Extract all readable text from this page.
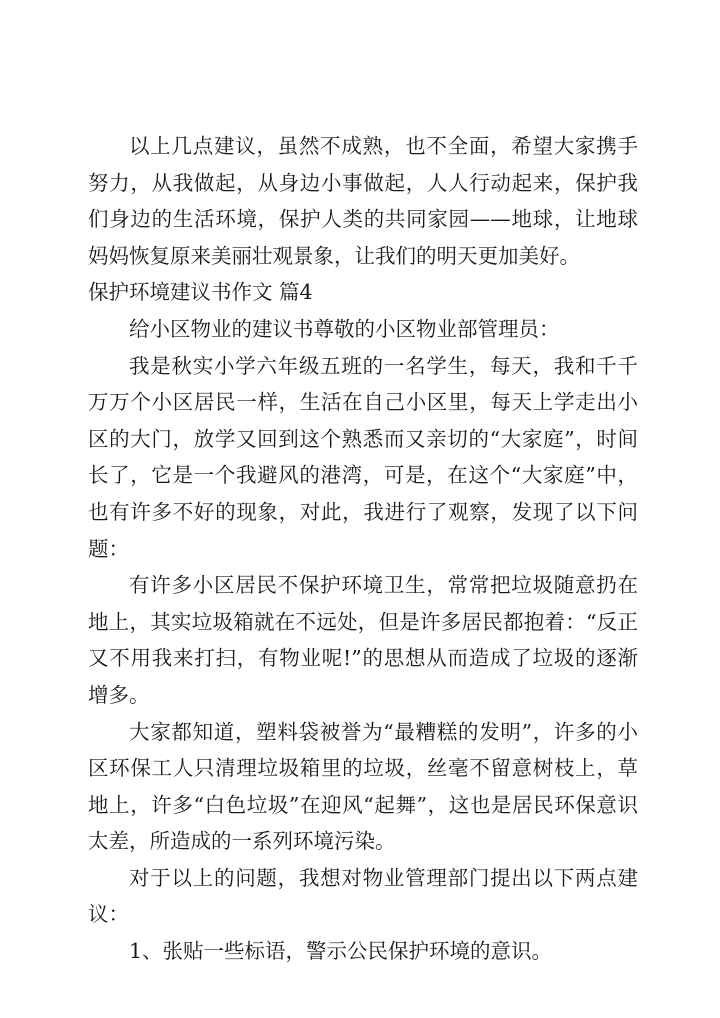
以上几点建议，虽然不成熟，也不全面，希望大家携手努力，从我做起，从身边小事做起，人人行动起来，保护我们身边的生活环境，保护人类的共同家园——地球，让地球妈妈恢复原来美丽壮观景象，让我们的明天更加美好。

保护环境建议书作文 篇4

给小区物业的建议书尊敬的小区物业部管理员：

我是秋实小学六年级五班的一名学生，每天，我和千千万万个小区居民一样，生活在自己小区里，每天上学走出小区的大门，放学又回到这个熟悉而又亲切的“大家庭”，时间长了，它是一个我避风的港湾，可是，在这个“大家庭”中，也有许多不好的现象，对此，我进行了观察，发现了以下问题：

有许多小区居民不保护环境卫生，常常把垃圾随意扔在地上，其实垃圾箱就在不远处，但是许多居民都抱着：“反正又不用我来打扫，有物业呢!”的思想从而造成了垃圾的逐渐增多。

大家都知道，塑料袋被誉为“最糟糕的发明”，许多的小区环保工人只清理垃圾箱里的垃圾，丝毫不留意树枝上，草地上，许多“白色垃圾”在迎风“起舞”，这也是居民环保意识太差，所造成的一系列环境污染。

对于以上的问题，我想对物业管理部门提出以下两点建议：

1、张贴一些标语，警示公民保护环境的意识。
